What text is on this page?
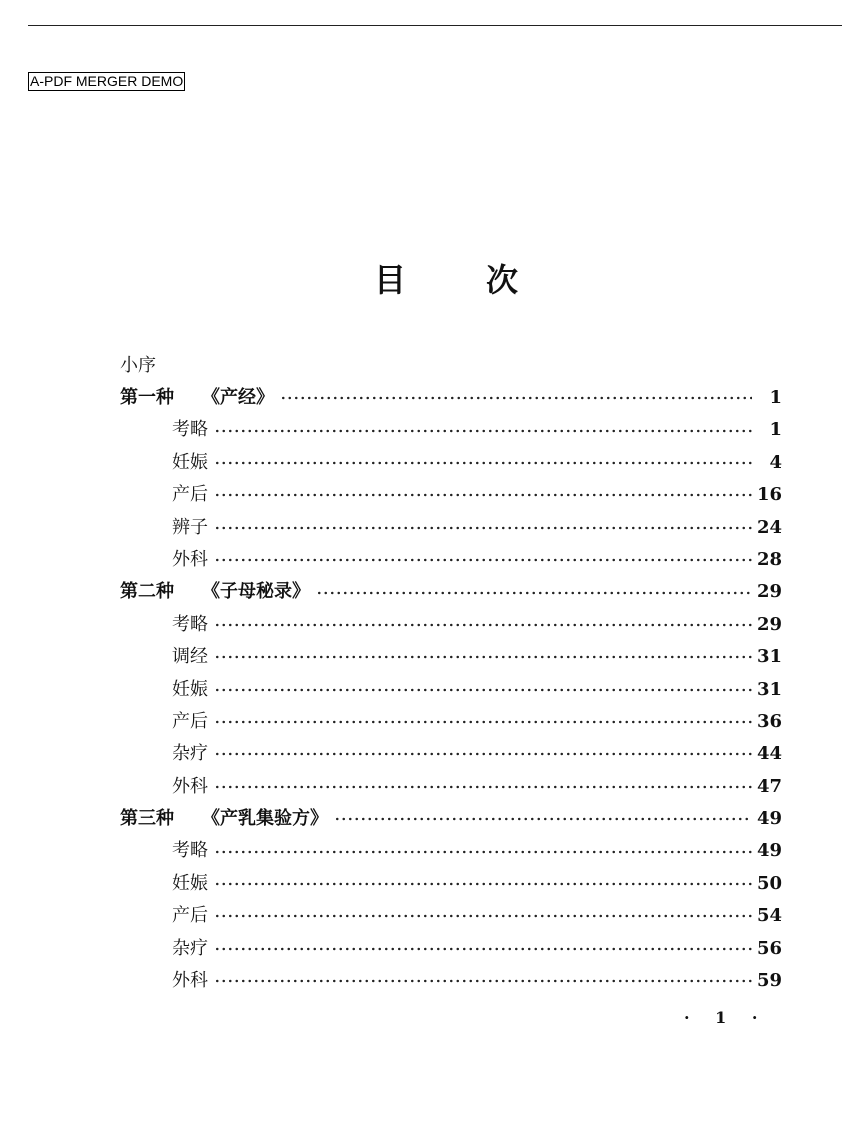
A-PDF MERGER DEMO
目 次
小序
第一种 《产经》	1
考略	1
妊娠	4
产后	16
辨子	24
外科	28
第二种 《子母秘录》	29
考略	29
调经	31
妊娠	31
产后	36
杂疗	44
外科	47
第三种 《产乳集验方》	49
考略	49
妊娠	50
产后	54
杂疗	56
外科	59
· 1 ·
